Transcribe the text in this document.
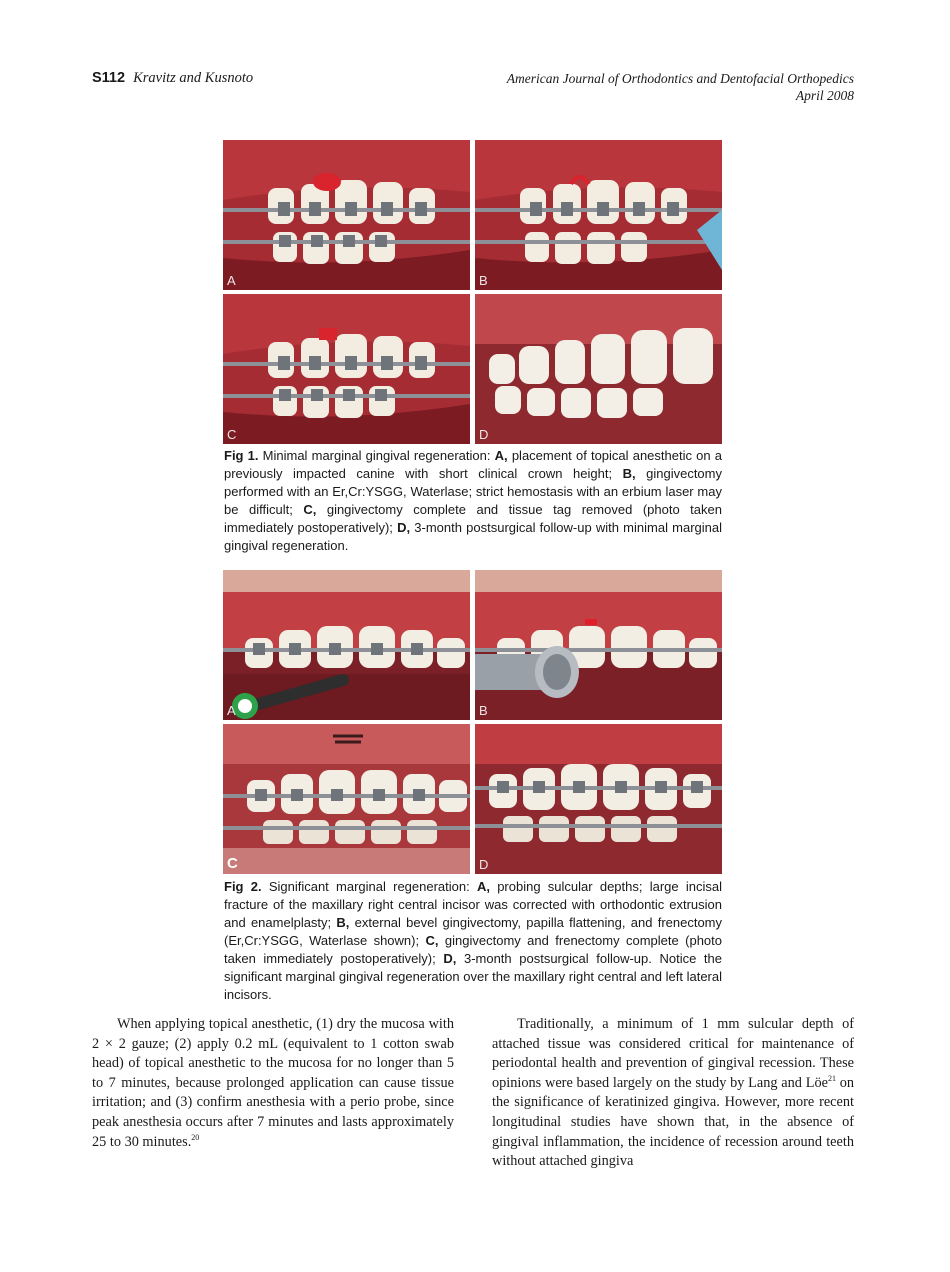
S112 Kravitz and Kusnoto	American Journal of Orthodontics and Dentofacial Orthopedics
April 2008
A	B
C	D
Fig 1. Minimal marginal gingival regeneration: A, placement of topical anesthetic on a previously impacted canine with short clinical crown height; B, gingivectomy performed with an Er,Cr:YSGG, Waterlase; strict hemostasis with an erbium laser may be difficult; C, gingivectomy complete and tissue tag removed (photo taken immediately postoperatively); D, 3-month postsurgical follow-up with minimal marginal gingival regeneration.
A	B
C	D
Fig 2. Significant marginal regeneration: A, probing sulcular depths; large incisal fracture of the maxillary right central incisor was corrected with orthodontic extrusion and enamelplasty; B, external bevel gingivectomy, papilla flattening, and frenectomy (Er,Cr:YSGG, Waterlase shown); C, gingivectomy and frenectomy complete (photo taken immediately postoperatively); D, 3-month postsurgical follow-up. Notice the significant marginal gingival regeneration over the maxillary right central and left lateral incisors.

When applying topical anesthetic, (1) dry the mucosa with 2 × 2 gauze; (2) apply 0.2 mL (equivalent to 1 cotton swab head) of topical anesthetic to the mucosa for no longer than 5 to 7 minutes, because prolonged application can cause tissue irritation; and (3) confirm anesthesia with a perio probe, since peak anesthesia occurs after 7 minutes and lasts approximately 25 to 30 minutes.$^{20}$

Traditionally, a minimum of 1 mm sulcular depth of attached tissue was considered critical for maintenance of periodontal health and prevention of gingival recession. These opinions were based largely on the study by Lang and Löe$^{21}$ on the significance of keratinized gingiva. However, more recent longitudinal studies have shown that, in the absence of gingival inflammation, the incidence of recession around teeth without attached gingiva
